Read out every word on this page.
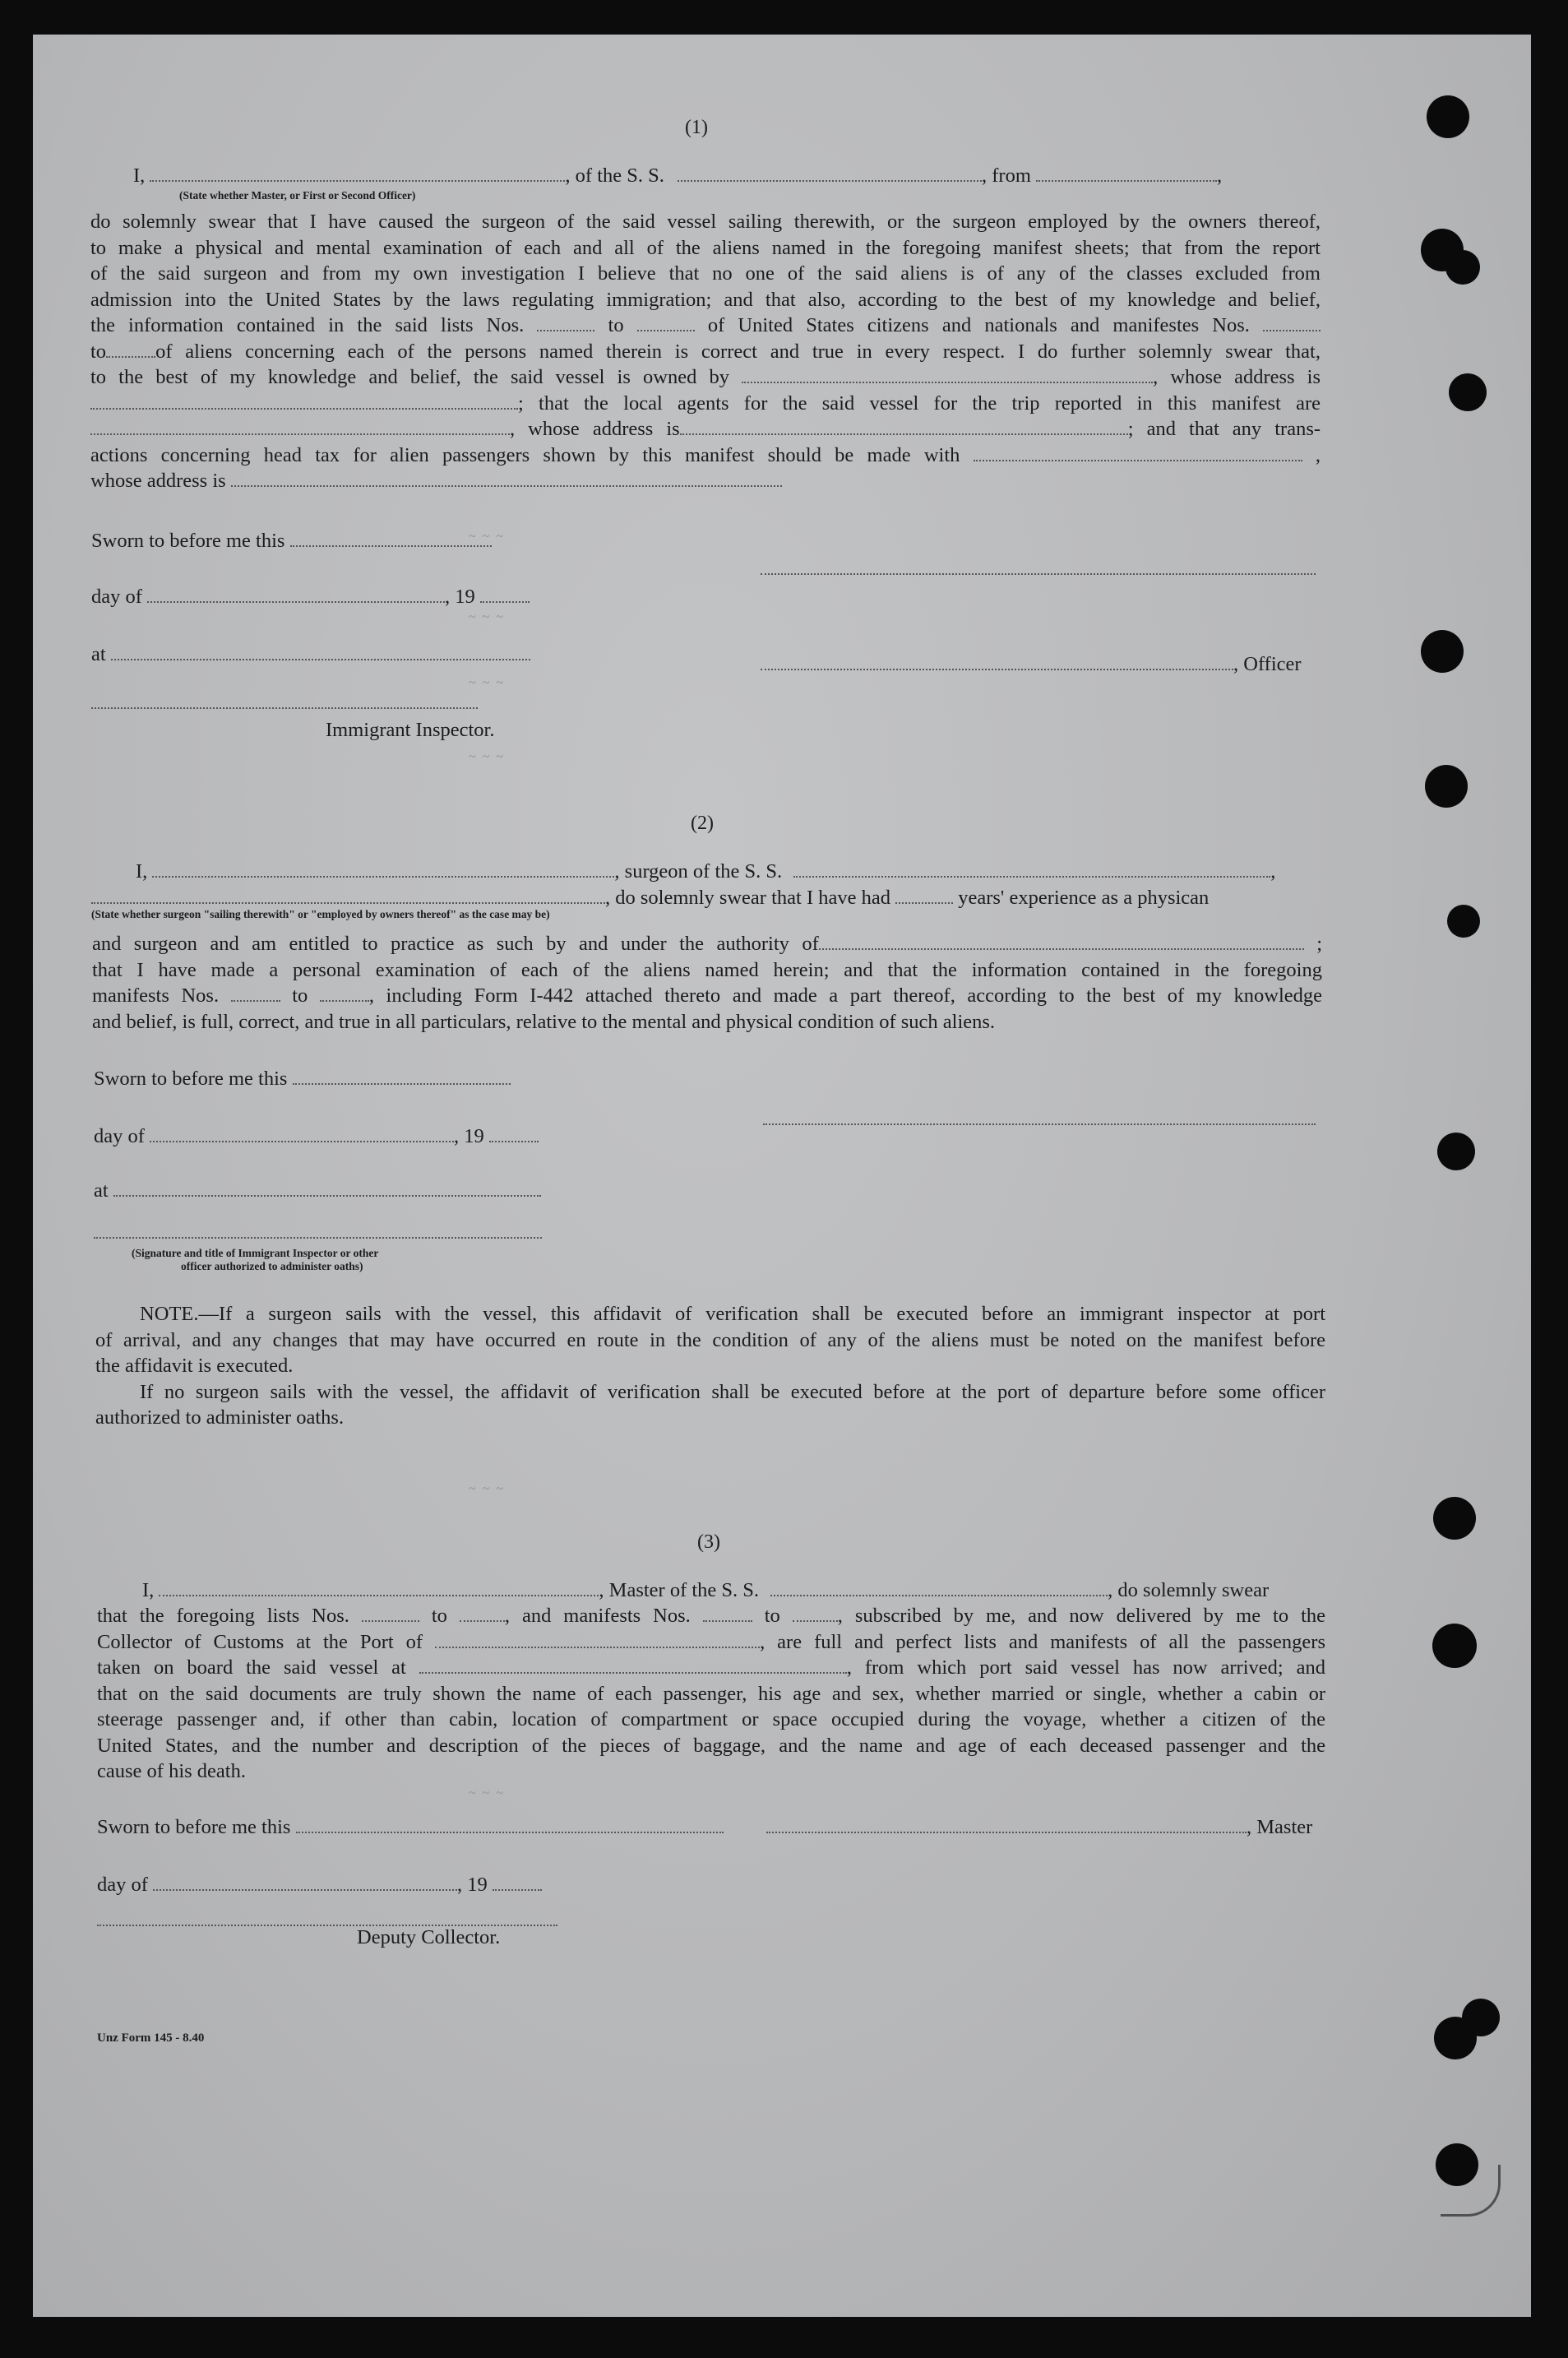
~ ~ ~
~ ~ ~
~ ~ ~
~ ~ ~
~ ~ ~
~ ~ ~
(1)
I,	, of the S. S.	, from	,
(State whether Master, or First or Second Officer)
do solemnly swear that I have caused the surgeon of the said vessel sailing therewith, or the surgeon employed by the owners thereof,
to make a physical and mental examination of each and all of the aliens named in the foregoing manifest sheets; that from the report
of the said surgeon and from my own investigation I believe that no one of the said aliens is of any of the classes excluded from
admission into the United States by the laws regulating immigration; and that also, according to the best of my knowledge and belief,
the information contained in the said lists Nos.	to	of United States citizens and nationals and manifestes Nos.
to of aliens concerning each of the persons named therein is correct and true in every respect. I do further solemnly swear that,
to the best of my knowledge and belief, the said vessel is owned by	, whose address is
; that the local agents for the said vessel for the trip reported in this manifest are
, whose address is	; and that any trans-
actions concerning head tax for alien passengers shown by this manifest should be made with	,
whose address is
Sworn to before me this
day of	, 19
at	, Officer
Immigrant Inspector.
(2)
I,	, surgeon of the S. S.	,
, do solemnly swear that I have had	years' experience as a physican
(State whether surgeon "sailing therewith" or "employed by owners thereof" as the case may be)
and surgeon and am entitled to practice as such by and under the authority of	;
that I have made a personal examination of each of the aliens named herein; and that the information contained in the foregoing
manifests Nos.	to	, including Form I-442 attached thereto and made a part thereof, according to the best of my knowledge
and belief, is full, correct, and true in all particulars, relative to the mental and physical condition of such aliens.
Sworn to before me this
day of	, 19
at
(Signature and title of Immigrant Inspector or other
officer authorized to administer oaths)
NOTE.—If a surgeon sails with the vessel, this affidavit of verification shall be executed before an immigrant inspector at port
of arrival, and any changes that may have occurred en route in the condition of any of the aliens must be noted on the manifest before
the affidavit is executed.
If no surgeon sails with the vessel, the affidavit of verification shall be executed before at the port of departure before some officer
authorized to administer oaths.
(3)
I,	, Master of the S. S.	, do solemnly swear
that the foregoing lists Nos.	to	, and manifests Nos.	to	, subscribed by me, and now delivered by me to the
Collector of Customs at the Port of	, are full and perfect lists and manifests of all the passengers
taken on board the said vessel at	, from which port said vessel has now arrived; and
that on the said documents are truly shown the name of each passenger, his age and sex, whether married or single, whether a cabin or
steerage passenger and, if other than cabin, location of compartment or space occupied during the voyage, whether a citizen of the
United States, and the number and description of the pieces of baggage, and the name and age of each deceased passenger and the
cause of his death.
Sworn to before me this	, Master
day of	, 19
Deputy Collector.
Unz Form 145 - 8.40
